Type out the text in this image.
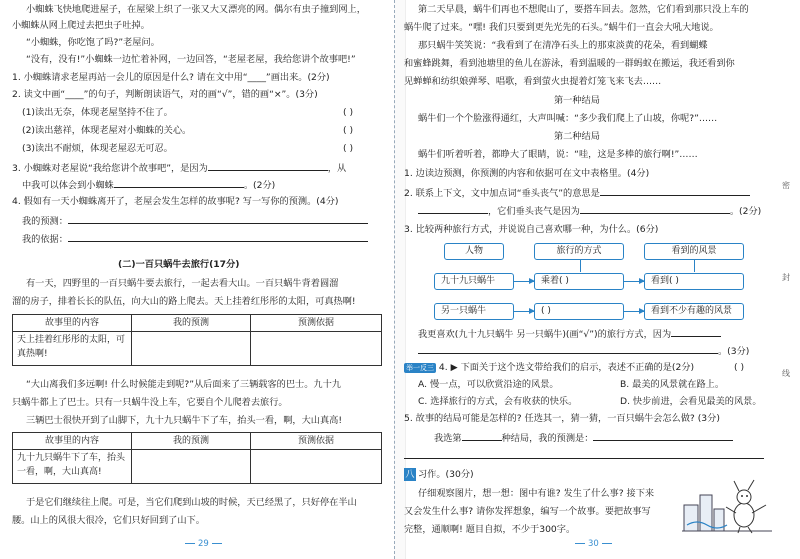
小蜘蛛飞快地爬进屋子，在屋梁上织了一张又大又漂亮的网。偶尔有虫子撞到网上，
小蜘蛛从网上爬过去把虫子吐掉。
“小蜘蛛，你吃饱了吗?”老屋问。
“没有，没有!”小蜘蛛一边忙着补网，一边回答，“老屋老屋，我给您讲个故事吧!”
1. 小蜘蛛请求老屋再站一会儿的原因是什么? 请在文中用“____”画出来。(2分)
2. 读文中画“____”的句子，判断朗读语气，对的画“√”，错的画“×”。(3分)
(1)读出无奈，体现老屋坚持不住了。	( )
(2)读出慈祥，体现老屋对小蜘蛛的关心。	( )
(3)读出不耐烦，体现老屋忍无可忍。	( )
3. 小蜘蛛对老屋说“我给您讲个故事吧”，是因为	，从
中我可以体会到小蜘蛛	。(2分)
4. 假如有一天小蜘蛛离开了，老屋会发生怎样的故事呢? 写一写你的预测。(4分)
我的预测：
我的依据：
(二)一百只蜗牛去旅行(17分)
有一天，四野里的一百只蜗牛要去旅行，一起去看大山。一百只蜗牛背着圆溜
溜的房子，排着长长的队伍，向大山的路上爬去。天上挂着红彤彤的太阳，可真热啊!
故事里的内容	我的预测	预测依据
天上挂着红彤彤的太阳，可真热啊!		
“大山离我们多远啊! 什么时候能走到呢?”从后面来了三辆载客的巴士。九十九
只蜗牛都上了巴士。只有一只蜗牛没上车，它要自个儿爬着去旅行。
三辆巴士很快开到了山脚下，九十九只蜗牛下了车，抬头一看，啊，大山真高!
故事里的内容	我的预测	预测依据
九十九只蜗牛下了车，抬头一看，啊，大山真高!		
于是它们继续往上爬。可是，当它们爬到山坡的时候，天已经黑了，只好停在半山
腰。山上的风很大很冷，它们只好回到了山下。
29
第二天早晨，蜗牛们再也不想爬山了，要搭车回去。忽然，它们看到那只没上车的
蜗牛爬了过来。“嘿! 我们只要到更先光先的石头。”蜗牛们一直会大吼大地说。
那只蜗牛笑笑说：“我看到了在清净石头上的那束淡黄的花朵，看到蝴蝶
和蜜蜂跳舞，看到池塘里的鱼儿在游泳，看到温暖的一群蚂蚁在搬运，我还看到你
见蝉蝉和纺织娘弹琴、唱歌，看到萤火虫提着灯笼飞来飞去……
第一种结局
蜗牛们一个个脸涨得通红，大声叫喊：“多少我们爬上了山坡，你呢?”……
第二种结局
蜗牛们听着听着，都睁大了眼睛，说：“哇，这是多棒的旅行啊!”……
1. 边读边预测，你预测的内容和依据可在文中表格里。(4分)
2. 联系上下文，文中加点词“垂头丧气”的意思是
，它们垂头丧气是因为	。(2分)
3. 比较两种旅行方式，并说说自己喜欢哪一种，为什么。(6分)
人物	旅行的方式	看到的风景
九十九只蜗牛	乘着( )	看到( )
另一只蜗牛	( )	看到不少有趣的风景
我更喜欢(九十九只蜗牛 另一只蜗牛)(画“√”)的旅行方式，因为
。(3分)
举一反三 4. ▶ 下面关于这个选文带给我们的启示，表述不正确的是(2分)	( )
A. 慢一点，可以欣赏沿途的风景。	B. 最美的风景就在路上。
C. 选择旅行的方式，会有收获的快乐。	D. 快步前进，会看见最美的风景。
5. 故事的结局可能是怎样的? 任选其一，猜一猜，一百只蜗牛会怎么做? (3分)
我选第	种结局，我的预测是：
八 习作。(30分)
仔细观察图片，想一想：图中有谁? 发生了什么事? 接下来
又会发生什么事? 请你发挥想象，编写一个故事。要把故事写
完整，通顺啊! 题目自拟，不少于300字。
30
密
封
线
